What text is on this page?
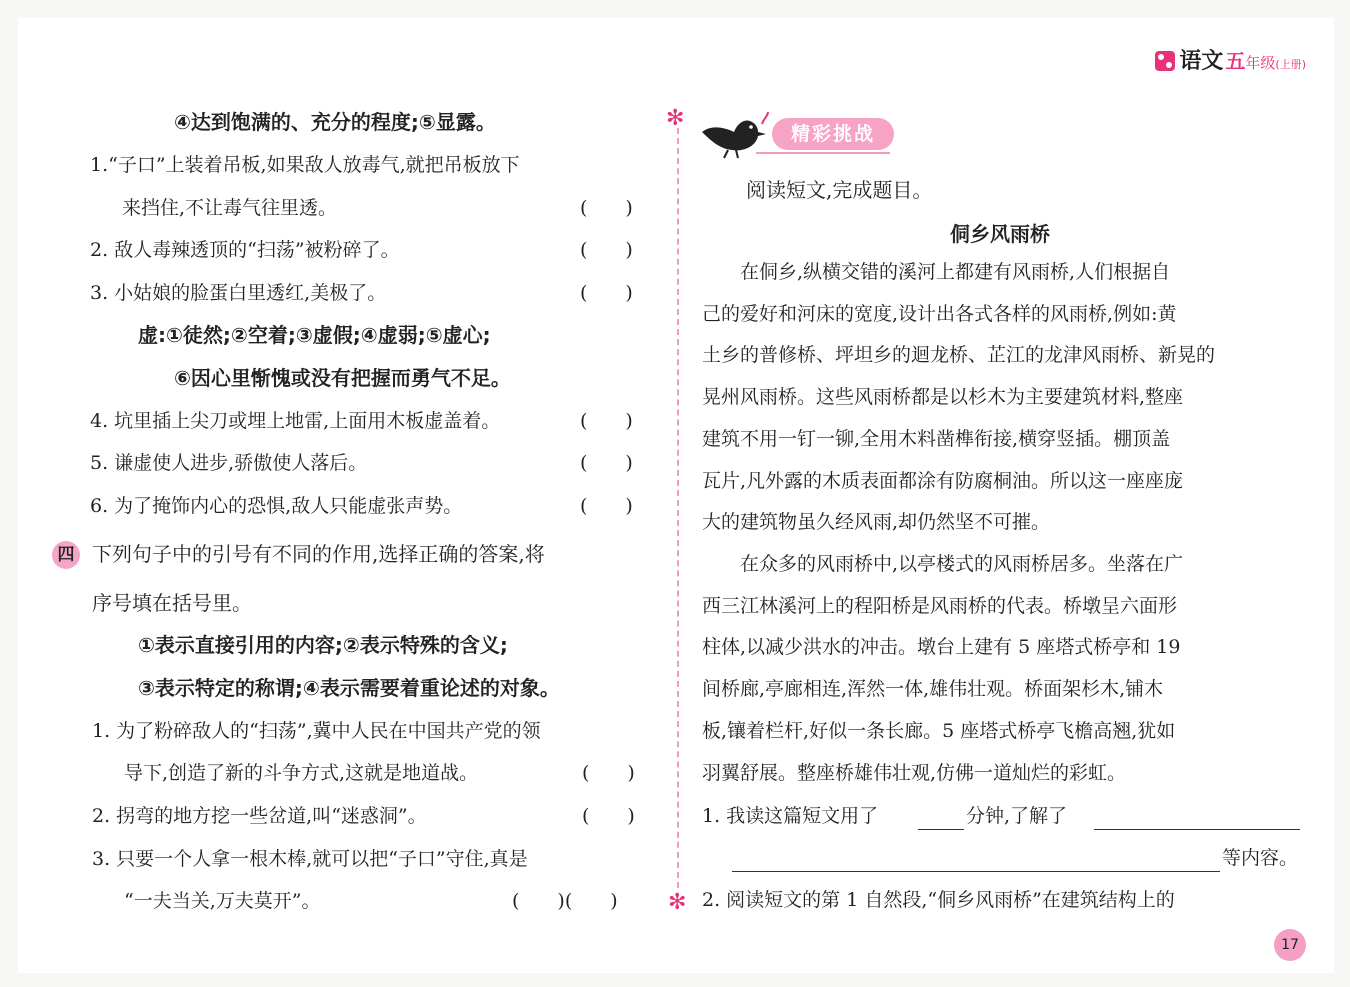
语文 五 年级 (上册)
④达到饱满的、充分的程度;⑤显露。
1.“子口”上装着吊板,如果敌人放毒气,就把吊板放下
来挡住,不让毒气往里透。	(　　)
2. 敌人毒辣透顶的“扫荡”被粉碎了。	(　　)
3. 小姑娘的脸蛋白里透红,美极了。	(　　)
虚:①徒然;②空着;③虚假;④虚弱;⑤虚心;
⑥因心里惭愧或没有把握而勇气不足。
4. 坑里插上尖刀或埋上地雷,上面用木板虚盖着。	(　　)
5. 谦虚使人进步,骄傲使人落后。	(　　)
6. 为了掩饰内心的恐惧,敌人只能虚张声势。	(　　)
四 下列句子中的引号有不同的作用,选择正确的答案,将
序号填在括号里。
①表示直接引用的内容;②表示特殊的含义;
③表示特定的称谓;④表示需要着重论述的对象。
1. 为了粉碎敌人的“扫荡”,冀中人民在中国共产党的领
导下,创造了新的斗争方式,这就是地道战。	(　　)
2. 拐弯的地方挖一些岔道,叫“迷惑洞”。	(　　)
3. 只要一个人拿一根木棒,就可以把“子口”守住,真是
“一夫当关,万夫莫开”。	(　　)(　　)
✻
✻
精彩挑战
阅读短文,完成题目。
侗乡风雨桥
　　在侗乡,纵横交错的溪河上都建有风雨桥,人们根据自
己的爱好和河床的宽度,设计出各式各样的风雨桥,例如:黄
土乡的普修桥、坪坦乡的迴龙桥、芷江的龙津风雨桥、新晃的
晃州风雨桥。这些风雨桥都是以杉木为主要建筑材料,整座
建筑不用一钉一铆,全用木料凿榫衔接,横穿竖插。棚顶盖
瓦片,凡外露的木质表面都涂有防腐桐油。所以这一座座庞
大的建筑物虽久经风雨,却仍然坚不可摧。
　　在众多的风雨桥中,以亭楼式的风雨桥居多。坐落在广
西三江林溪河上的程阳桥是风雨桥的代表。桥墩呈六面形
柱体,以减少洪水的冲击。墩台上建有 5 座塔式桥亭和 19
间桥廊,亭廊相连,浑然一体,雄伟壮观。桥面架杉木,铺木
板,镶着栏杆,好似一条长廊。5 座塔式桥亭飞檐高翘,犹如
羽翼舒展。整座桥雄伟壮观,仿佛一道灿烂的彩虹。
1. 我读这篇短文用了	分钟,了解了
等内容。
2. 阅读短文的第 1 自然段,“侗乡风雨桥”在建筑结构上的
17
